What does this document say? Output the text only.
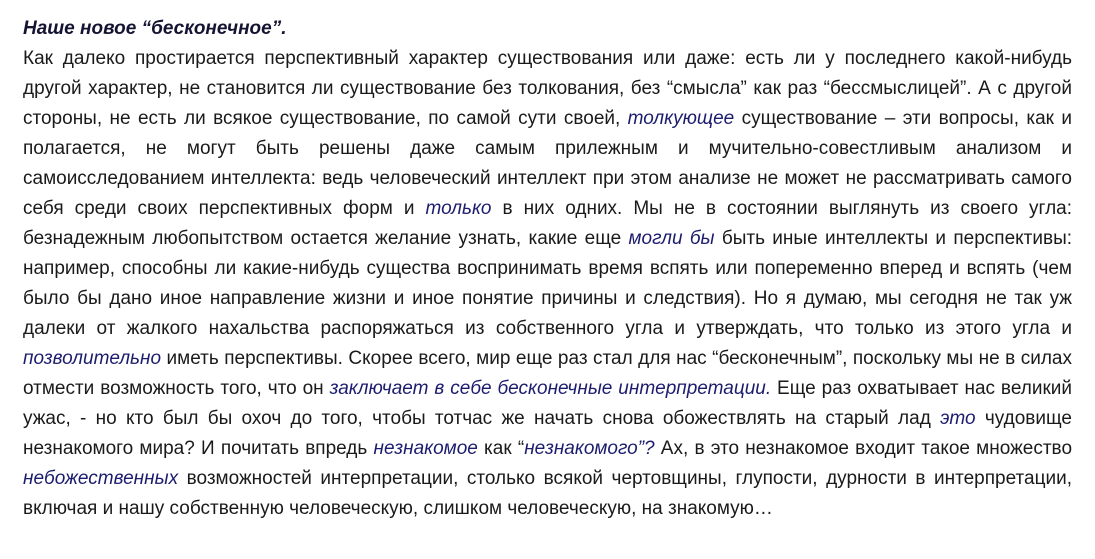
Наше новое “бесконечное”.

Как далеко простирается перспективный характер существования или даже: есть ли у последнего какой-нибудь другой характер, не становится ли существование без толкования, без “смысла” как раз “бессмыслицей”. А с другой стороны, не есть ли всякое существование, по самой сути своей, толкующее существование – эти вопросы, как и полагается, не могут быть решены даже самым прилежным и мучительно-совестливым анализом и самоисследованием интеллекта: ведь человеческий интеллект при этом анализе не может не рассматривать самого себя среди своих перспективных форм и только в них одних. Мы не в состоянии выглянуть из своего угла: безнадежным любопытством остается желание узнать, какие еще могли бы быть иные интеллекты и перспективы: например, способны ли какие-нибудь существа воспринимать время вспять или попеременно вперед и вспять (чем было бы дано иное направление жизни и иное понятие причины и следствия). Но я думаю, мы сегодня не так уж далеки от жалкого нахальства распоряжаться из собственного угла и утверждать, что только из этого угла и позволительно иметь перспективы. Скорее всего, мир еще раз стал для нас “бесконечным”, поскольку мы не в силах отмести возможность того, что он заключает в себе бесконечные интерпретации. Еще раз охватывает нас великий ужас, - но кто был бы охоч до того, чтобы тотчас же начать снова обожествлять на старый лад это чудовище незнакомого мира? И почитать впредь незнакомое как “незнакомого”? Ах, в это незнакомое входит такое множество небожественных возможностей интерпретации, столько всякой чертовщины, глупости, дурности в интерпретации, включая и нашу собственную человеческую, слишком человеческую, на знакомую…
